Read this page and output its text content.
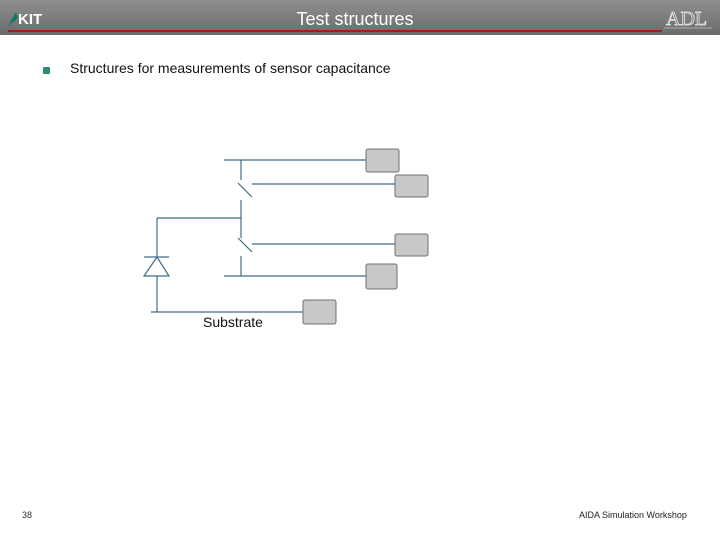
KIT	ADL
Test structures
Structures for measurements of sensor capacitance
Substrate
38	AIDA Simulation Workshop
